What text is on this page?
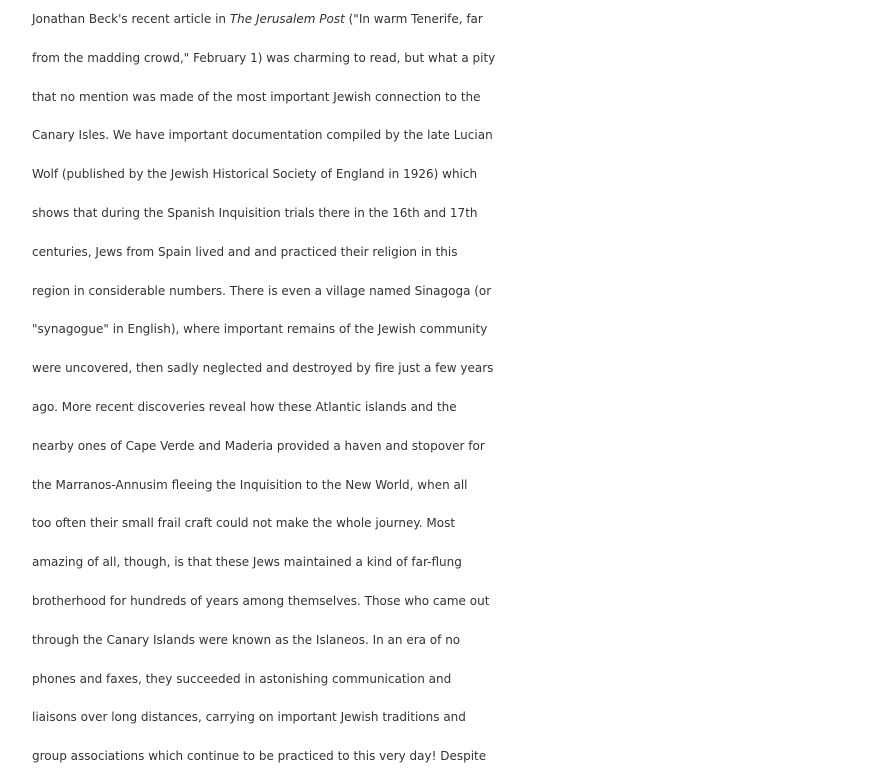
Jonathan Beck's recent article in The Jerusalem Post ("In warm Tenerife, far
from the madding crowd," February 1) was charming to read, but what a pity
that no mention was made of the most important Jewish connection to the
Canary Isles. We have important documentation compiled by the late Lucian
Wolf (published by the Jewish Historical Society of England in 1926) which
shows that during the Spanish Inquisition trials there in the 16th and 17th
centuries, Jews from Spain lived and and practiced their religion in this
region in considerable numbers. There is even a village named Sinagoga (or
"synagogue" in English), where important remains of the Jewish community
were uncovered, then sadly neglected and destroyed by fire just a few years
ago. More recent discoveries reveal how these Atlantic islands and the
nearby ones of Cape Verde and Maderia provided a haven and stopover for
the Marranos-Annusim fleeing the Inquisition to the New World, when all
too often their small frail craft could not make the whole journey. Most
amazing of all, though, is that these Jews maintained a kind of far-flung
brotherhood for hundreds of years among themselves. Those who came out
through the Canary Islands were known as the Islaneos. In an era of no
phones and faxes, they succeeded in astonishing communication and
liaisons over long distances, carrying on important Jewish traditions and
group associations which continue to be practiced to this very day! Despite
